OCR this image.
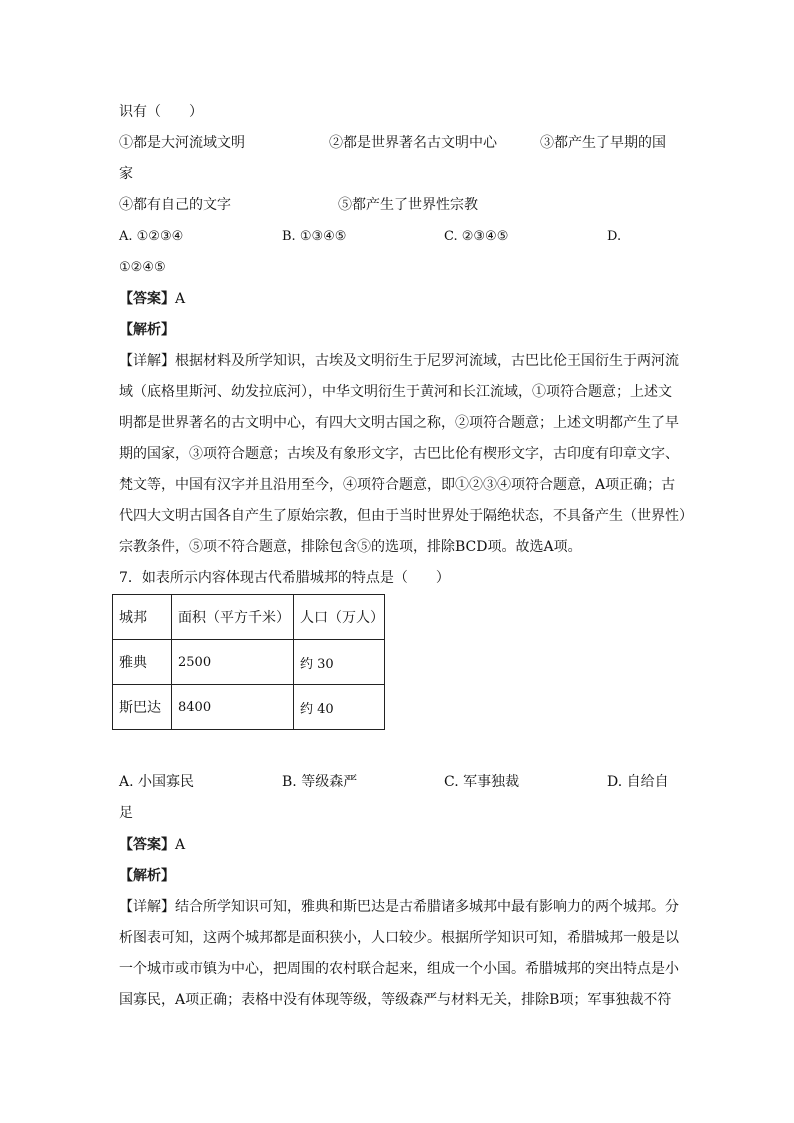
识有（　　）
①都是大河流域文明	②都是世界著名古文明中心	③都产生了早期的国
家
④都有自己的文字	⑤都产生了世界性宗教
A. ①②③④	B. ①③④⑤	C. ②③④⑤	D.
①②④⑤
【答案】A
【解析】
【详解】根据材料及所学知识，古埃及文明衍生于尼罗河流域，古巴比伦王国衍生于两河流
域（底格里斯河、幼发拉底河），中华文明衍生于黄河和长江流域，①项符合题意；上述文
明都是世界著名的古文明中心，有四大文明古国之称，②项符合题意；上述文明都产生了早
期的国家，③项符合题意；古埃及有象形文字，古巴比伦有楔形文字，古印度有印章文字、
梵文等，中国有汉字并且沿用至今，④项符合题意，即①②③④项符合题意，A项正确；古
代四大文明古国各自产生了原始宗教，但由于当时世界处于隔绝状态，不具备产生（世界性）
宗教条件，⑤项不符合题意，排除包含⑤的选项，排除BCD项。故选A项。
7．如表所示内容体现古代希腊城邦的特点是（　　）
城邦	面积（平方千米）	人口（万人）
雅典	2500	约 30
斯巴达	8400	约 40
A. 小国寡民	B. 等级森严	C. 军事独裁	D. 自给自
足
【答案】A
【解析】
【详解】结合所学知识可知，雅典和斯巴达是古希腊诸多城邦中最有影响力的两个城邦。分
析图表可知，这两个城邦都是面积狭小，人口较少。根据所学知识可知，希腊城邦一般是以
一个城市或市镇为中心，把周围的农村联合起来，组成一个小国。希腊城邦的突出特点是小
国寡民，A项正确；表格中没有体现等级，等级森严与材料无关，排除B项；军事独裁不符
